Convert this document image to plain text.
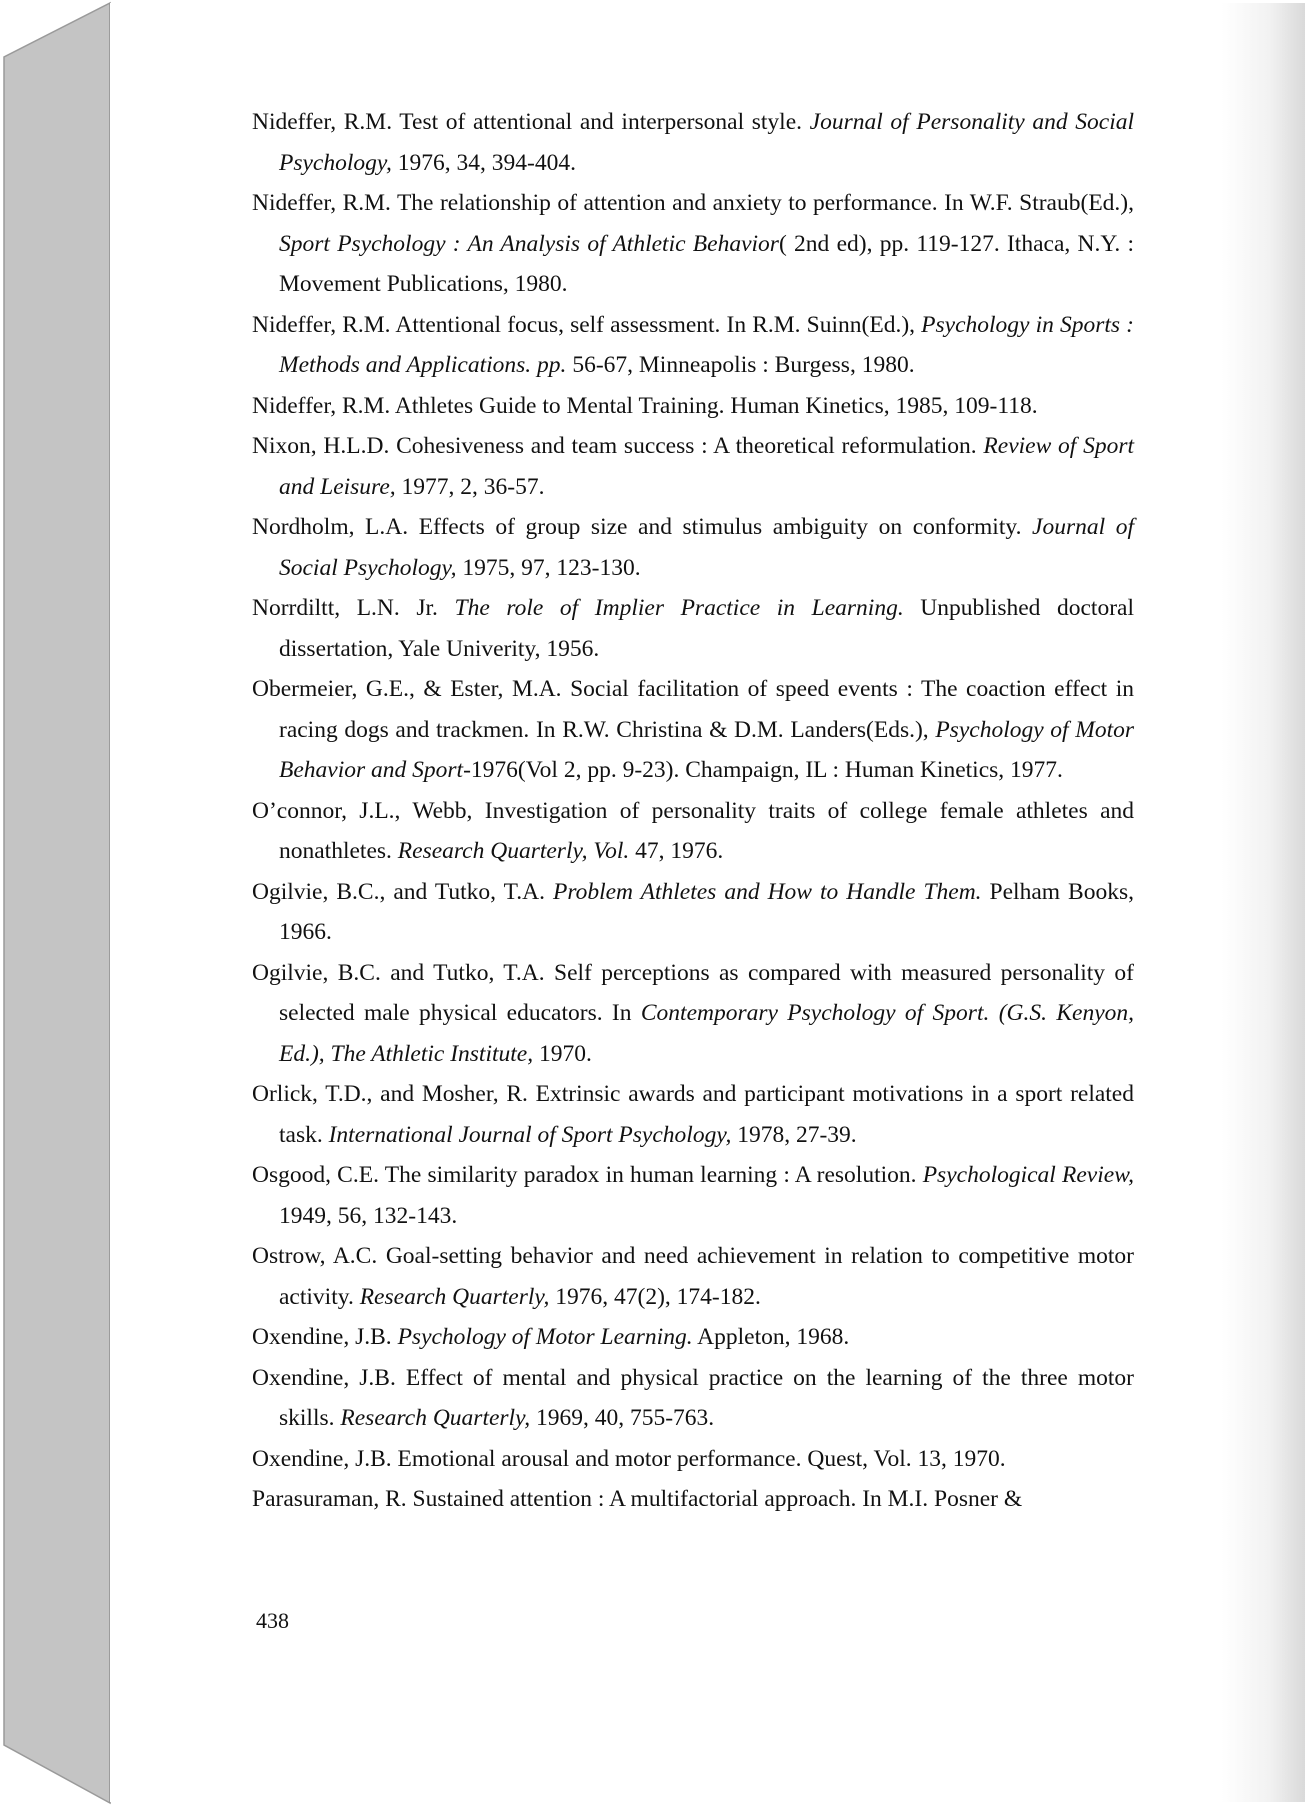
Nideffer, R.M. Test of attentional and interpersonal style. Journal of Personality and Social Psychology, 1976, 34, 394-404.
Nideffer, R.M. The relationship of attention and anxiety to performance. In W.F. Straub(Ed.), Sport Psychology : An Analysis of Athletic Behavior( 2nd ed), pp. 119-127. Ithaca, N.Y. : Movement Publications, 1980.
Nideffer, R.M. Attentional focus, self assessment. In R.M. Suinn(Ed.), Psychology in Sports : Methods and Applications. pp. 56-67, Minneapolis : Burgess, 1980.
Nideffer, R.M. Athletes Guide to Mental Training. Human Kinetics, 1985, 109-118.
Nixon, H.L.D. Cohesiveness and team success : A theoretical reformulation. Review of Sport and Leisure, 1977, 2, 36-57.
Nordholm, L.A. Effects of group size and stimulus ambiguity on conformity. Journal of Social Psychology, 1975, 97, 123-130.
Norrdiltt, L.N. Jr. The role of Implier Practice in Learning. Unpublished doctoral dissertation, Yale Univerity, 1956.
Obermeier, G.E., & Ester, M.A. Social facilitation of speed events : The coaction effect in racing dogs and trackmen. In R.W. Christina & D.M. Landers(Eds.), Psychology of Motor Behavior and Sport-1976(Vol 2, pp. 9-23). Champaign, IL : Human Kinetics, 1977.
O’connor, J.L., Webb, Investigation of personality traits of college female athletes and nonathletes. Research Quarterly, Vol. 47, 1976.
Ogilvie, B.C., and Tutko, T.A. Problem Athletes and How to Handle Them. Pelham Books, 1966.
Ogilvie, B.C. and Tutko, T.A. Self perceptions as compared with measured personality of selected male physical educators. In Contemporary Psychology of Sport. (G.S. Kenyon, Ed.), The Athletic Institute, 1970.
Orlick, T.D., and Mosher, R. Extrinsic awards and participant motivations in a sport related task. International Journal of Sport Psychology, 1978, 27-39.
Osgood, C.E. The similarity paradox in human learning : A resolution. Psychological Review, 1949, 56, 132-143.
Ostrow, A.C. Goal-setting behavior and need achievement in relation to competitive motor activity. Research Quarterly, 1976, 47(2), 174-182.
Oxendine, J.B. Psychology of Motor Learning. Appleton, 1968.
Oxendine, J.B. Effect of mental and physical practice on the learning of the three motor skills. Research Quarterly, 1969, 40, 755-763.
Oxendine, J.B. Emotional arousal and motor performance. Quest, Vol. 13, 1970.
Parasuraman, R. Sustained attention : A multifactorial approach. In M.I. Posner &
438
